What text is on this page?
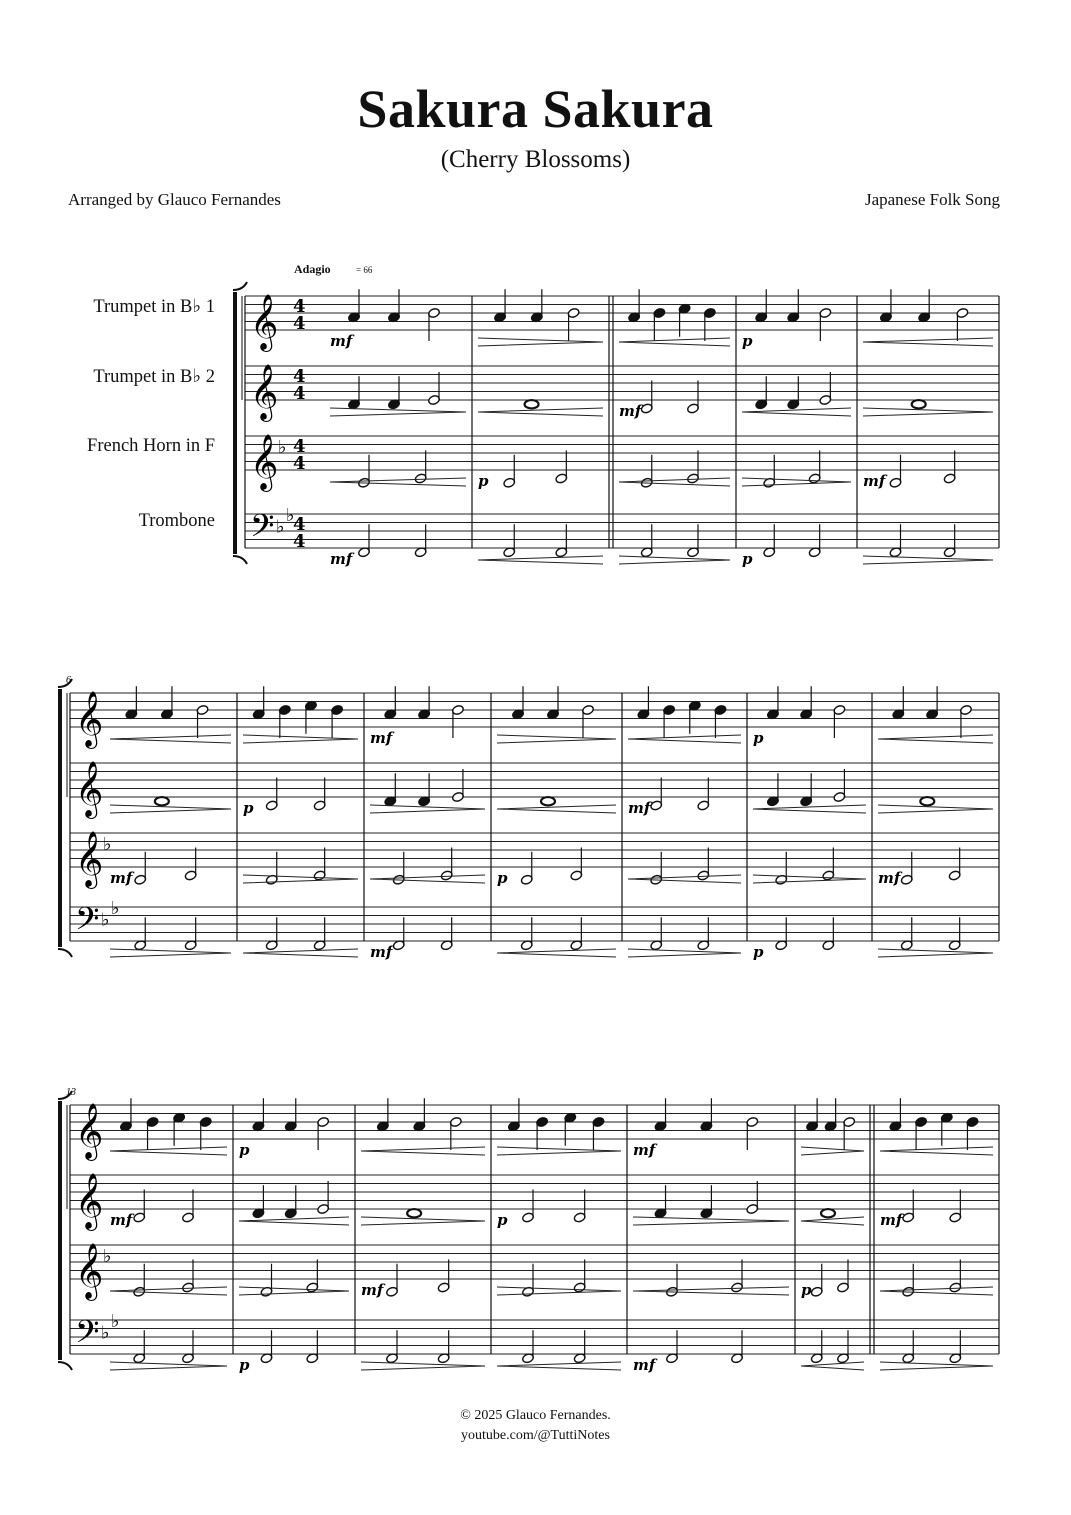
Sakura Sakura
(Cherry Blossoms)
Arranged by Glauco Fernandes	Japanese Folk Song
Trumpet in B♭ 1
Trumpet in B♭ 2
French Horn in F
Trombone
Adagio	= 66
𝄞 4
4
𝄞 4
4
𝄞 ♭ 4
4
𝄢 ♭
♭
4
4
mf
mf
p
mf
p
p
mf
6
𝄞
𝄞
𝄞 ♭
𝄢 ♭
♭
mf
p
mf
mf
p
mf
p
p
mf
13
𝄞
𝄞
𝄞 ♭
𝄢 ♭
♭
mf
p
p
mf
p
mf
mf
p
mf
© 2025 Glauco Fernandes.
youtube.com/@TuttiNotes
